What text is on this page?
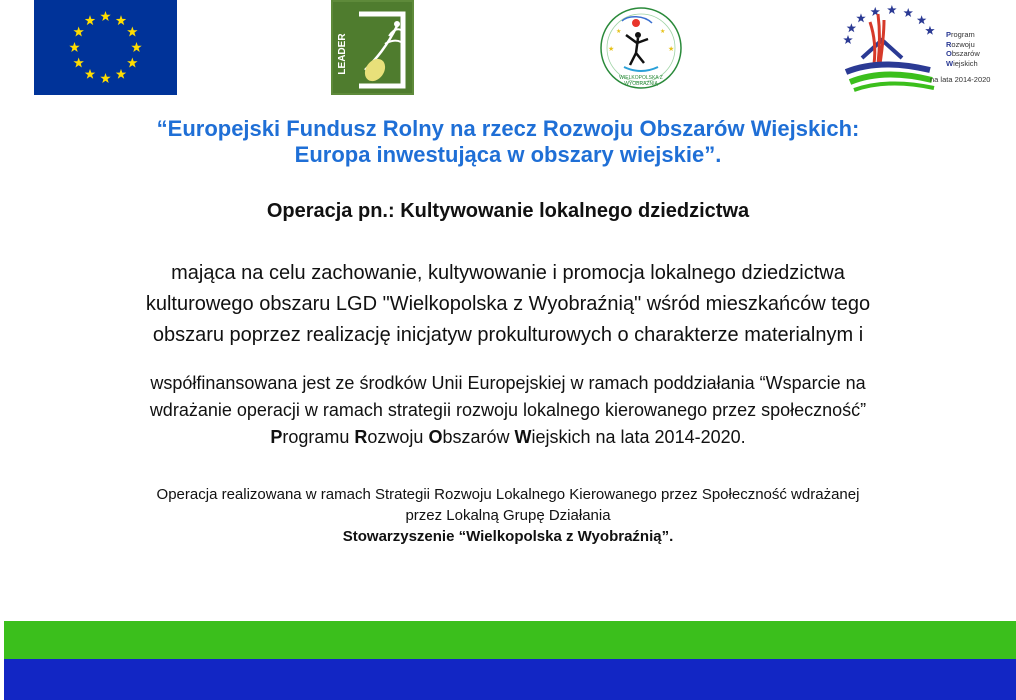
LEADER	★	★
★	★
WIELKOPOLSKA Z WYOBRAŹNIĄ
Program
Rozwoju
Obszarów
Wiejskich
na lata 2014-2020
“Europejski Fundusz Rolny na rzecz Rozwoju Obszarów Wiejskich:
Europa inwestująca w obszary wiejskie”.
Operacja pn.: Kultywowanie lokalnego dziedzictwa
mająca na celu zachowanie, kultywowanie i promocja lokalnego dziedzictwa
kulturowego obszaru LGD "Wielkopolska z Wyobraźnią" wśród mieszkańców tego
obszaru poprzez realizację inicjatyw prokulturowych o charakterze materialnym i
współfinansowana jest ze środków Unii Europejskiej w ramach poddziałania “Wsparcie na
wdrażanie operacji w ramach strategii rozwoju lokalnego kierowanego przez społeczność”
Programu Rozwoju Obszarów Wiejskich na lata 2014-2020.
Operacja realizowana w ramach Strategii Rozwoju Lokalnego Kierowanego przez Społeczność wdrażanej
przez Lokalną Grupę Działania
Stowarzyszenie “Wielkopolska z Wyobraźnią”.
